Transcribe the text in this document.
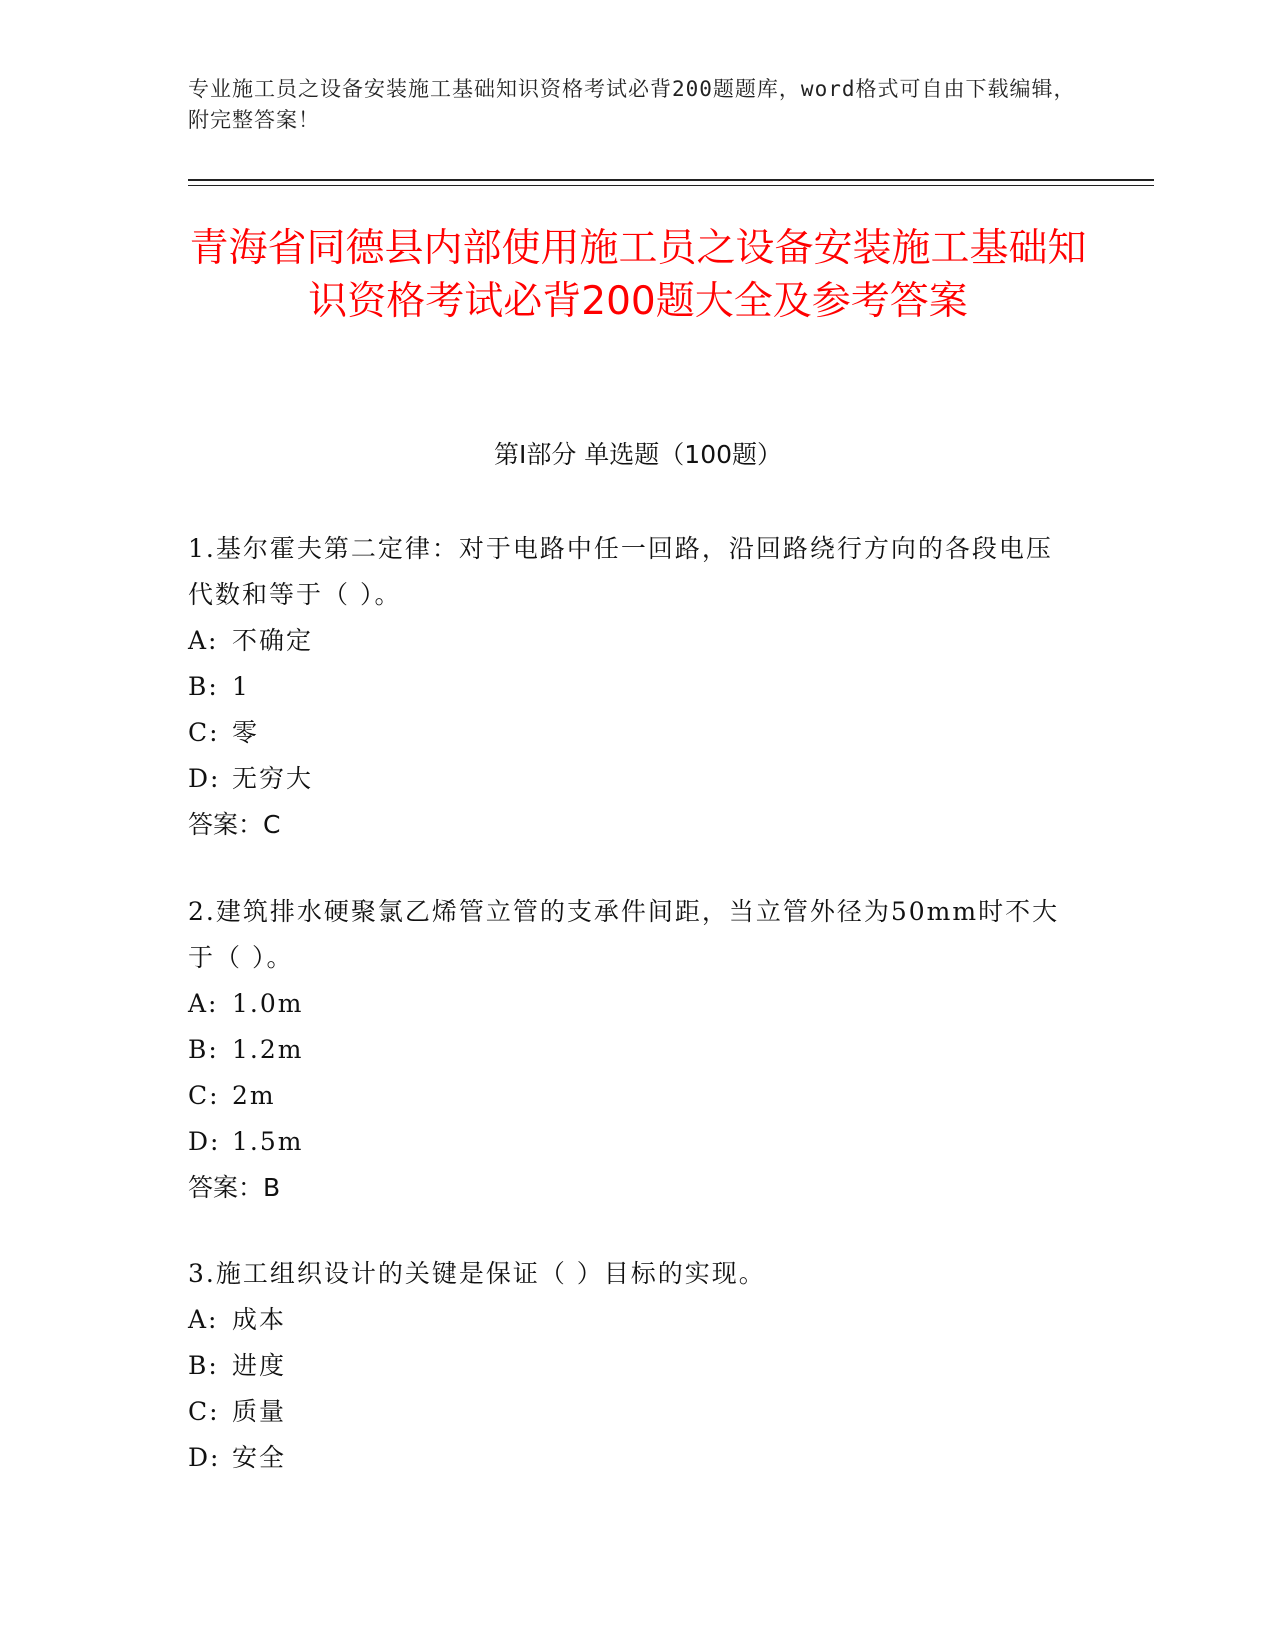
专业施工员之设备安装施工基础知识资格考试必背200题题库，word格式可自由下载编辑，附完整答案！
青海省同德县内部使用施工员之设备安装施工基础知识资格考试必背200题大全及参考答案
第I部分 单选题（100题）
1.基尔霍夫第二定律：对于电路中任一回路，沿回路绕行方向的各段电压代数和等于（ ）。
A: 不确定
B: 1
C: 零
D: 无穷大
答案：C
2.建筑排水硬聚氯乙烯管立管的支承件间距，当立管外径为50mm时不大于（ ）。
A: 1.0m
B: 1.2m
C: 2m
D: 1.5m
答案：B
3.施工组织设计的关键是保证（ ）目标的实现。
A: 成本
B: 进度
C: 质量
D: 安全
